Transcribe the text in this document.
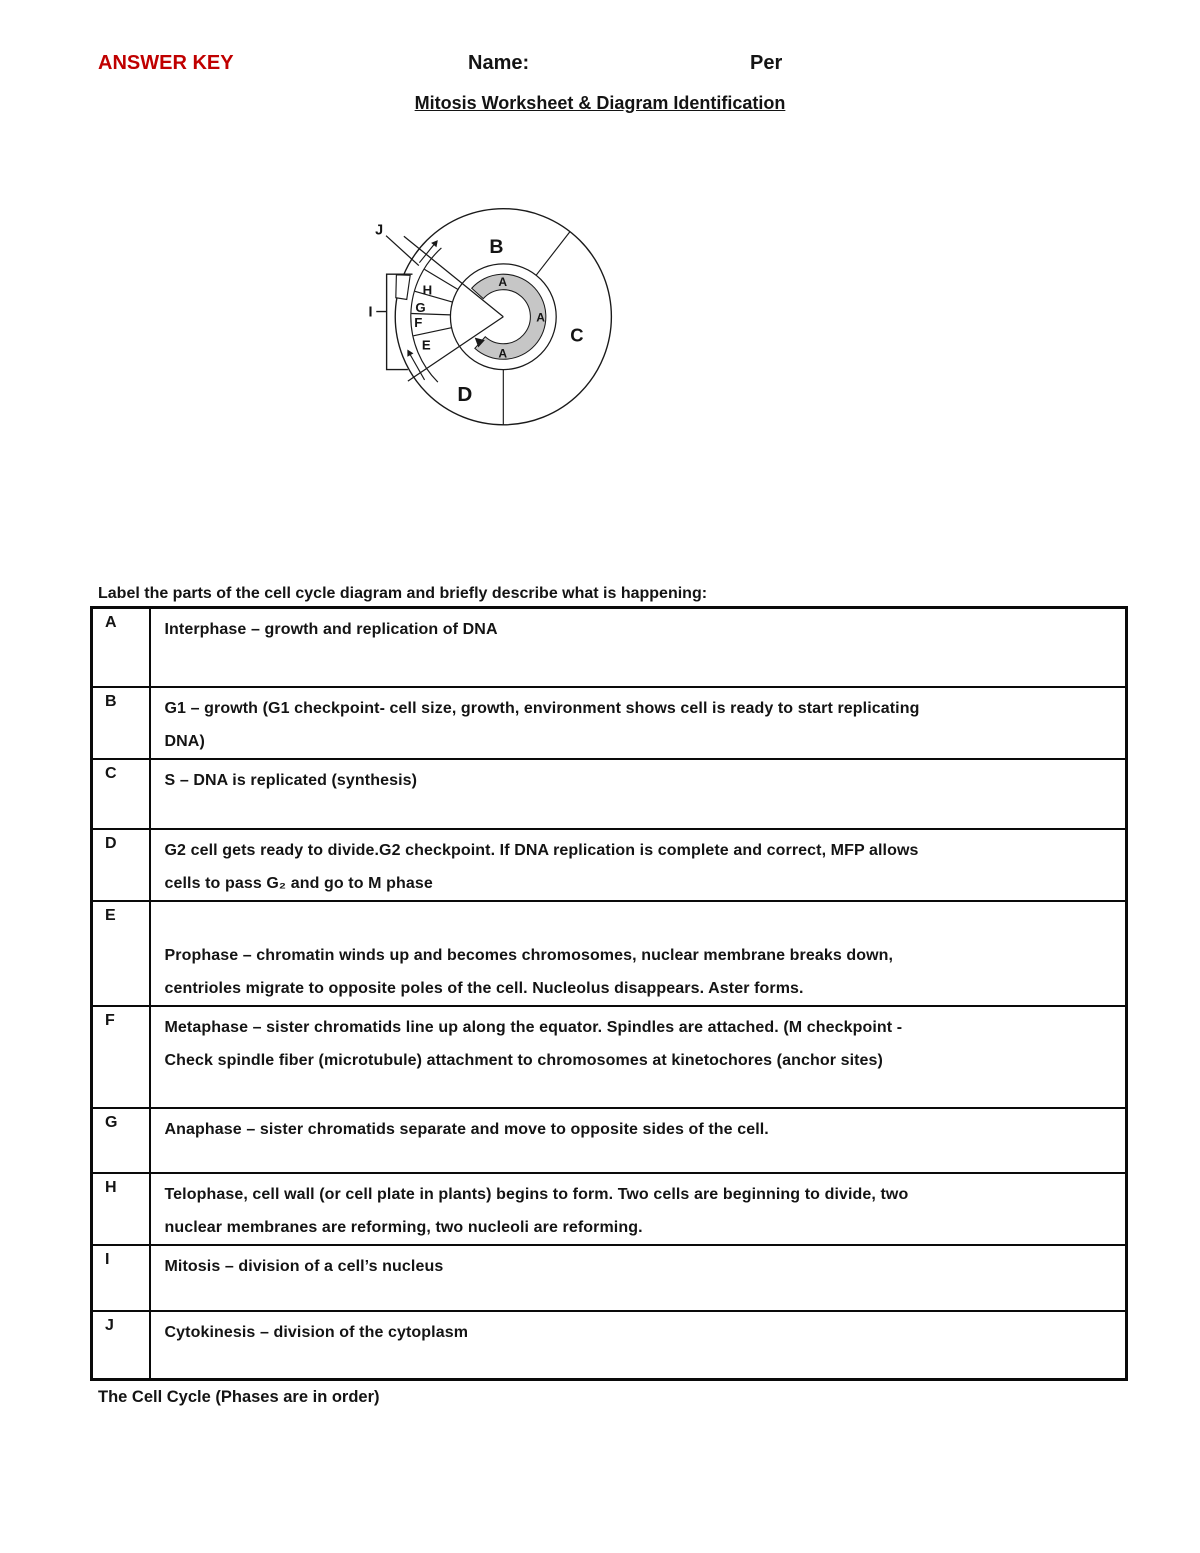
ANSWER KEY	Name:	Per
Mitosis Worksheet & Diagram Identification
B
C
D
E
F
G
H
I
J
A
A
A
Label the parts of the cell cycle diagram and briefly describe what is happening:
A	Interphase – growth and replication of DNA

B	G1 – growth (G1 checkpoint- cell size, growth, environment shows cell is ready to start replicating
DNA)

C	S – DNA is replicated (synthesis)

D	G2 cell gets ready to divide.G2 checkpoint. If DNA replication is complete and correct, MFP allows
cells to pass G₂ and go to M phase

E	Prophase – chromatin winds up and becomes chromosomes, nuclear membrane breaks down,
centrioles migrate to opposite poles of the cell. Nucleolus disappears. Aster forms.

F	Metaphase – sister chromatids line up along the equator. Spindles are attached. (M checkpoint -
Check spindle fiber (microtubule) attachment to chromosomes at kinetochores (anchor sites)

G	Anaphase – sister chromatids separate and move to opposite sides of the cell.

H	Telophase, cell wall (or cell plate in plants) begins to form. Two cells are beginning to divide, two
nuclear membranes are reforming, two nucleoli are reforming.

I	Mitosis – division of a cell’s nucleus

J	Cytokinesis – division of the cytoplasm
The Cell Cycle (Phases are in order)
